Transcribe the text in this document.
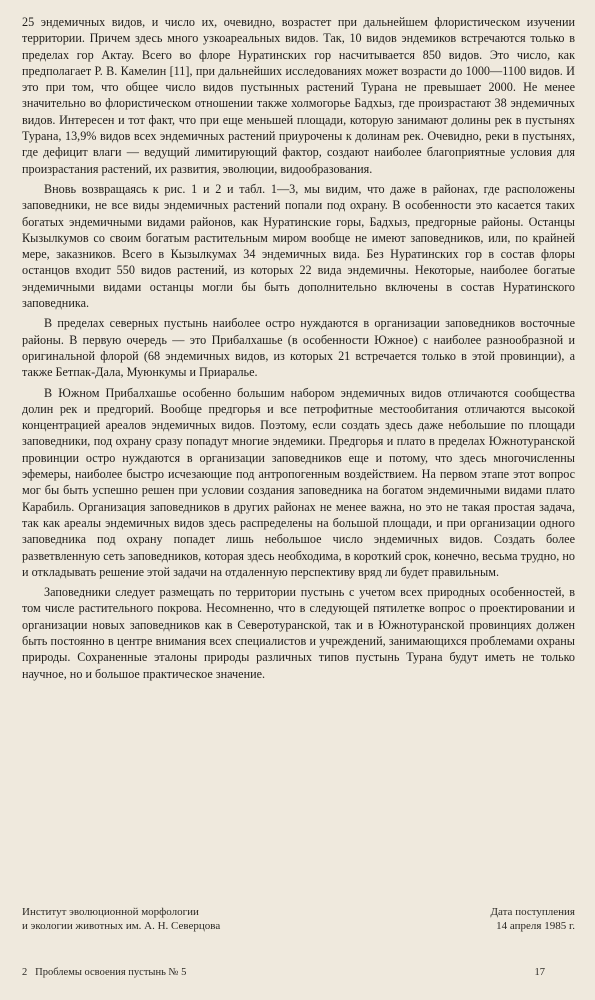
25 эндемичных видов, и число их, очевидно, возрастет при дальнейшем флористическом изучении территории. Причем здесь много узкоареальных видов. Так, 10 видов эндемиков встречаются только в пределах гор Актау. Всего во флоре Нуратинских гор насчитывается 850 видов. Это число, как предполагает Р. В. Камелин [11], при дальнейших исследованиях может возрасти до 1000—1100 видов. И это при том, что общее число видов пустынных растений Турана не превышает 2000. Не менее значительно во флористическом отношении также холмогорье Бадхыз, где произрастают 38 эндемичных видов. Интересен и тот факт, что при еще меньшей площади, которую занимают долины рек в пустынях Турана, 13,9% видов всех эндемичных растений приурочены к долинам рек. Очевидно, реки в пустынях, где дефицит влаги — ведущий лимитирующий фактор, создают наиболее благоприятные условия для произрастания растений, их развития, эволюции, видообразования.

Вновь возвращаясь к рис. 1 и 2 и табл. 1—3, мы видим, что даже в районах, где расположены заповедники, не все виды эндемичных растений попали под охрану. В особенности это касается таких богатых эндемичными видами районов, как Нуратинские горы, Бадхыз, предгорные районы. Останцы Кызылкумов со своим богатым растительным миром вообще не имеют заповедников, или, по крайней мере, заказников. Всего в Кызылкумах 34 эндемичных вида. Без Нуратинских гор в состав флоры останцов входит 550 видов растений, из которых 22 вида эндемичны. Некоторые, наиболее богатые эндемичными видами останцы могли бы быть дополнительно включены в состав Нуратинского заповедника.

В пределах северных пустынь наиболее остро нуждаются в организации заповедников восточные районы. В первую очередь — это Прибалхашье (в особенности Южное) с наиболее разнообразной и оригинальной флорой (68 эндемичных видов, из которых 21 встречается только в этой провинции), а также Бетпак-Дала, Муюнкумы и Приаралье.

В Южном Прибалхашье особенно большим набором эндемичных видов отличаются сообщества долин рек и предгорий. Вообще предгорья и все петрофитные местообитания отличаются высокой концентрацией ареалов эндемичных видов. Поэтому, если создать здесь даже небольшие по площади заповедники, под охрану сразу попадут многие эндемики. Предгорья и плато в пределах Южнотуранской провинции остро нуждаются в организации заповедников еще и потому, что здесь многочисленны эфемеры, наиболее быстро исчезающие под антропогенным воздействием. На первом этапе этот вопрос мог бы быть успешно решен при условии создания заповедника на богатом эндемичными видами плато Карабиль. Организация заповедников в других районах не менее важна, но это не такая простая задача, так как ареалы эндемичных видов здесь распределены на большой площади, и при организации одного заповедника под охрану попадет лишь небольшое число эндемичных видов. Создать более разветвленную сеть заповедников, которая здесь необходима, в короткий срок, конечно, весьма трудно, но и откладывать решение этой задачи на отдаленную перспективу вряд ли будет правильным.

Заповедники следует размещать по территории пустынь с учетом всех природных особенностей, в том числе растительного покрова. Несомненно, что в следующей пятилетке вопрос о проектировании и организации новых заповедников как в Северотуранской, так и в Южнотуранской провинциях должен быть постоянно в центре внимания всех специалистов и учреждений, занимающихся проблемами охраны природы. Сохраненные эталоны природы различных типов пустынь Турана будут иметь не только научное, но и большое практическое значение.

Институт эволюционной морфологии
и экологии животных им. А. Н. Северцова
Дата поступления
14 апреля 1985 г.
2   Проблемы освоения пустынь № 5	17
